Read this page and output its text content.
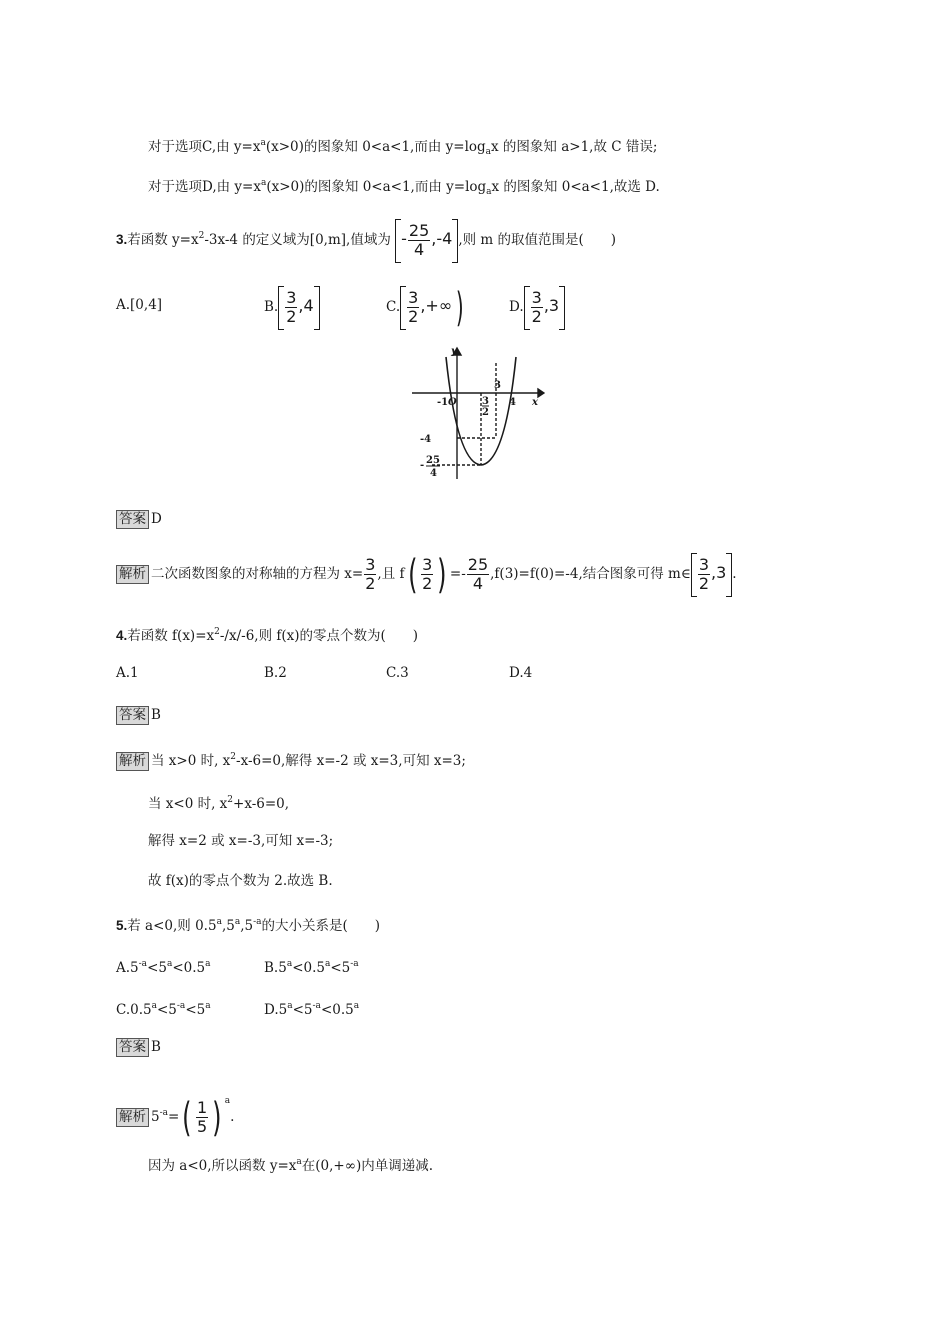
对于选项C,由 $y=x^a(x>0)$的图象知 0<a<1,而由 $y=\log_ax$ 的图象知 a>1,故 C 错误;
对于选项D,由 $y=x^a(x>0)$的图象知 0<a<1,而由 $y=\log_ax$ 的图象知 0<a<1,故选 D.
3.若函数 $y=x^2-3x-4$ 的定义域为[0,m],值域为 - $\frac{25}{4} ,-4$ ,则 m 的取值范围是(　　)
A.[0,4]	B. $\frac{3}{2} ,4$	C. $\frac{3}{2}$ ,+∞)	D. $\frac{3}{2} ,3$
y
x
O
-1
3
3
2
4
-4
- 25
4
答案 D
解析 二次函数图象的对称轴的方程为 $x= \frac{3}{2}$ ,且 $f( \frac{3}{2}$ ) =- $\frac{25}{4} ,f(3)=f(0)=-4$,结合图象可得 m∈ $\frac{3}{2} ,3$ .
4.若函数 $f(x)=x^2-/x/-6$,则 f(x)的零点个数为(　　)
A.1	B.2	C.3	D.4
答案 B
解析 当 x>0 时, $x^2-x-6=0$,解得 x=-2 或 x=3,可知 x=3;
当 x<0 时, $x^2+x-6=0$,
解得 x=2 或 x=-3,可知 x=-3;
故 f(x)的零点个数为 2.故选 B.
5.若 a<0,则 $0.5^a,5^a,5^{-a}$的大小关系是(　　)
$A.5^{-a}<5^a<0.5^a$	$B.5^a<0.5^a<5^{-a}$
$C.0.5^a<5^{-a}<5^a$	$D.5^a<5^{-a}<0.5^a$
答案 B
解析 $5^{-a}=( \frac{1}{5}$ ) $^a$.
因为 a<0,所以函数 $y=x^a$在(0,+∞)内单调递减.
